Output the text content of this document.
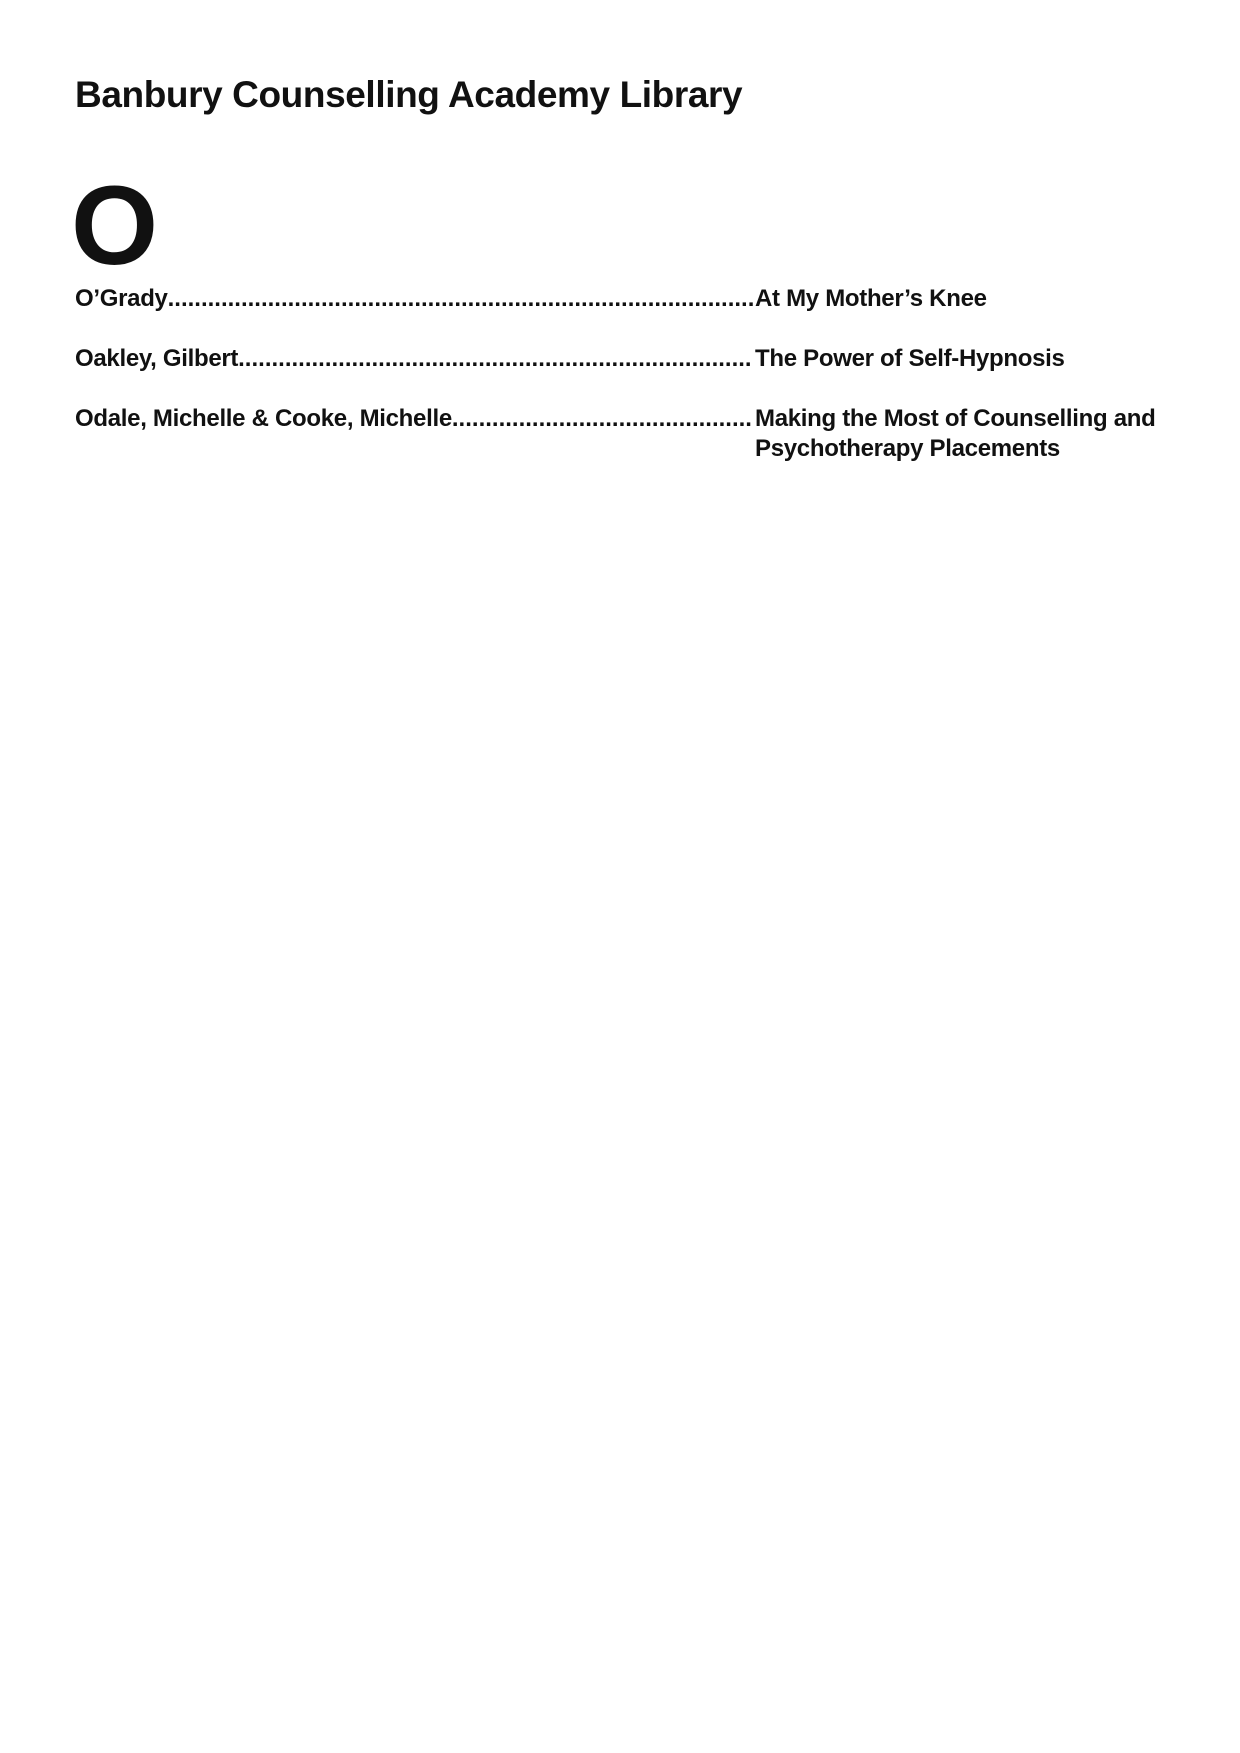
Banbury Counselling Academy Library
O
O’Grady .....	At My Mother’s Knee
Oakley, Gilbert .....	The Power of Self-Hypnosis
Odale, Michelle & Cooke, Michelle .....	Making the Most of Counselling and Psychotherapy Placements
